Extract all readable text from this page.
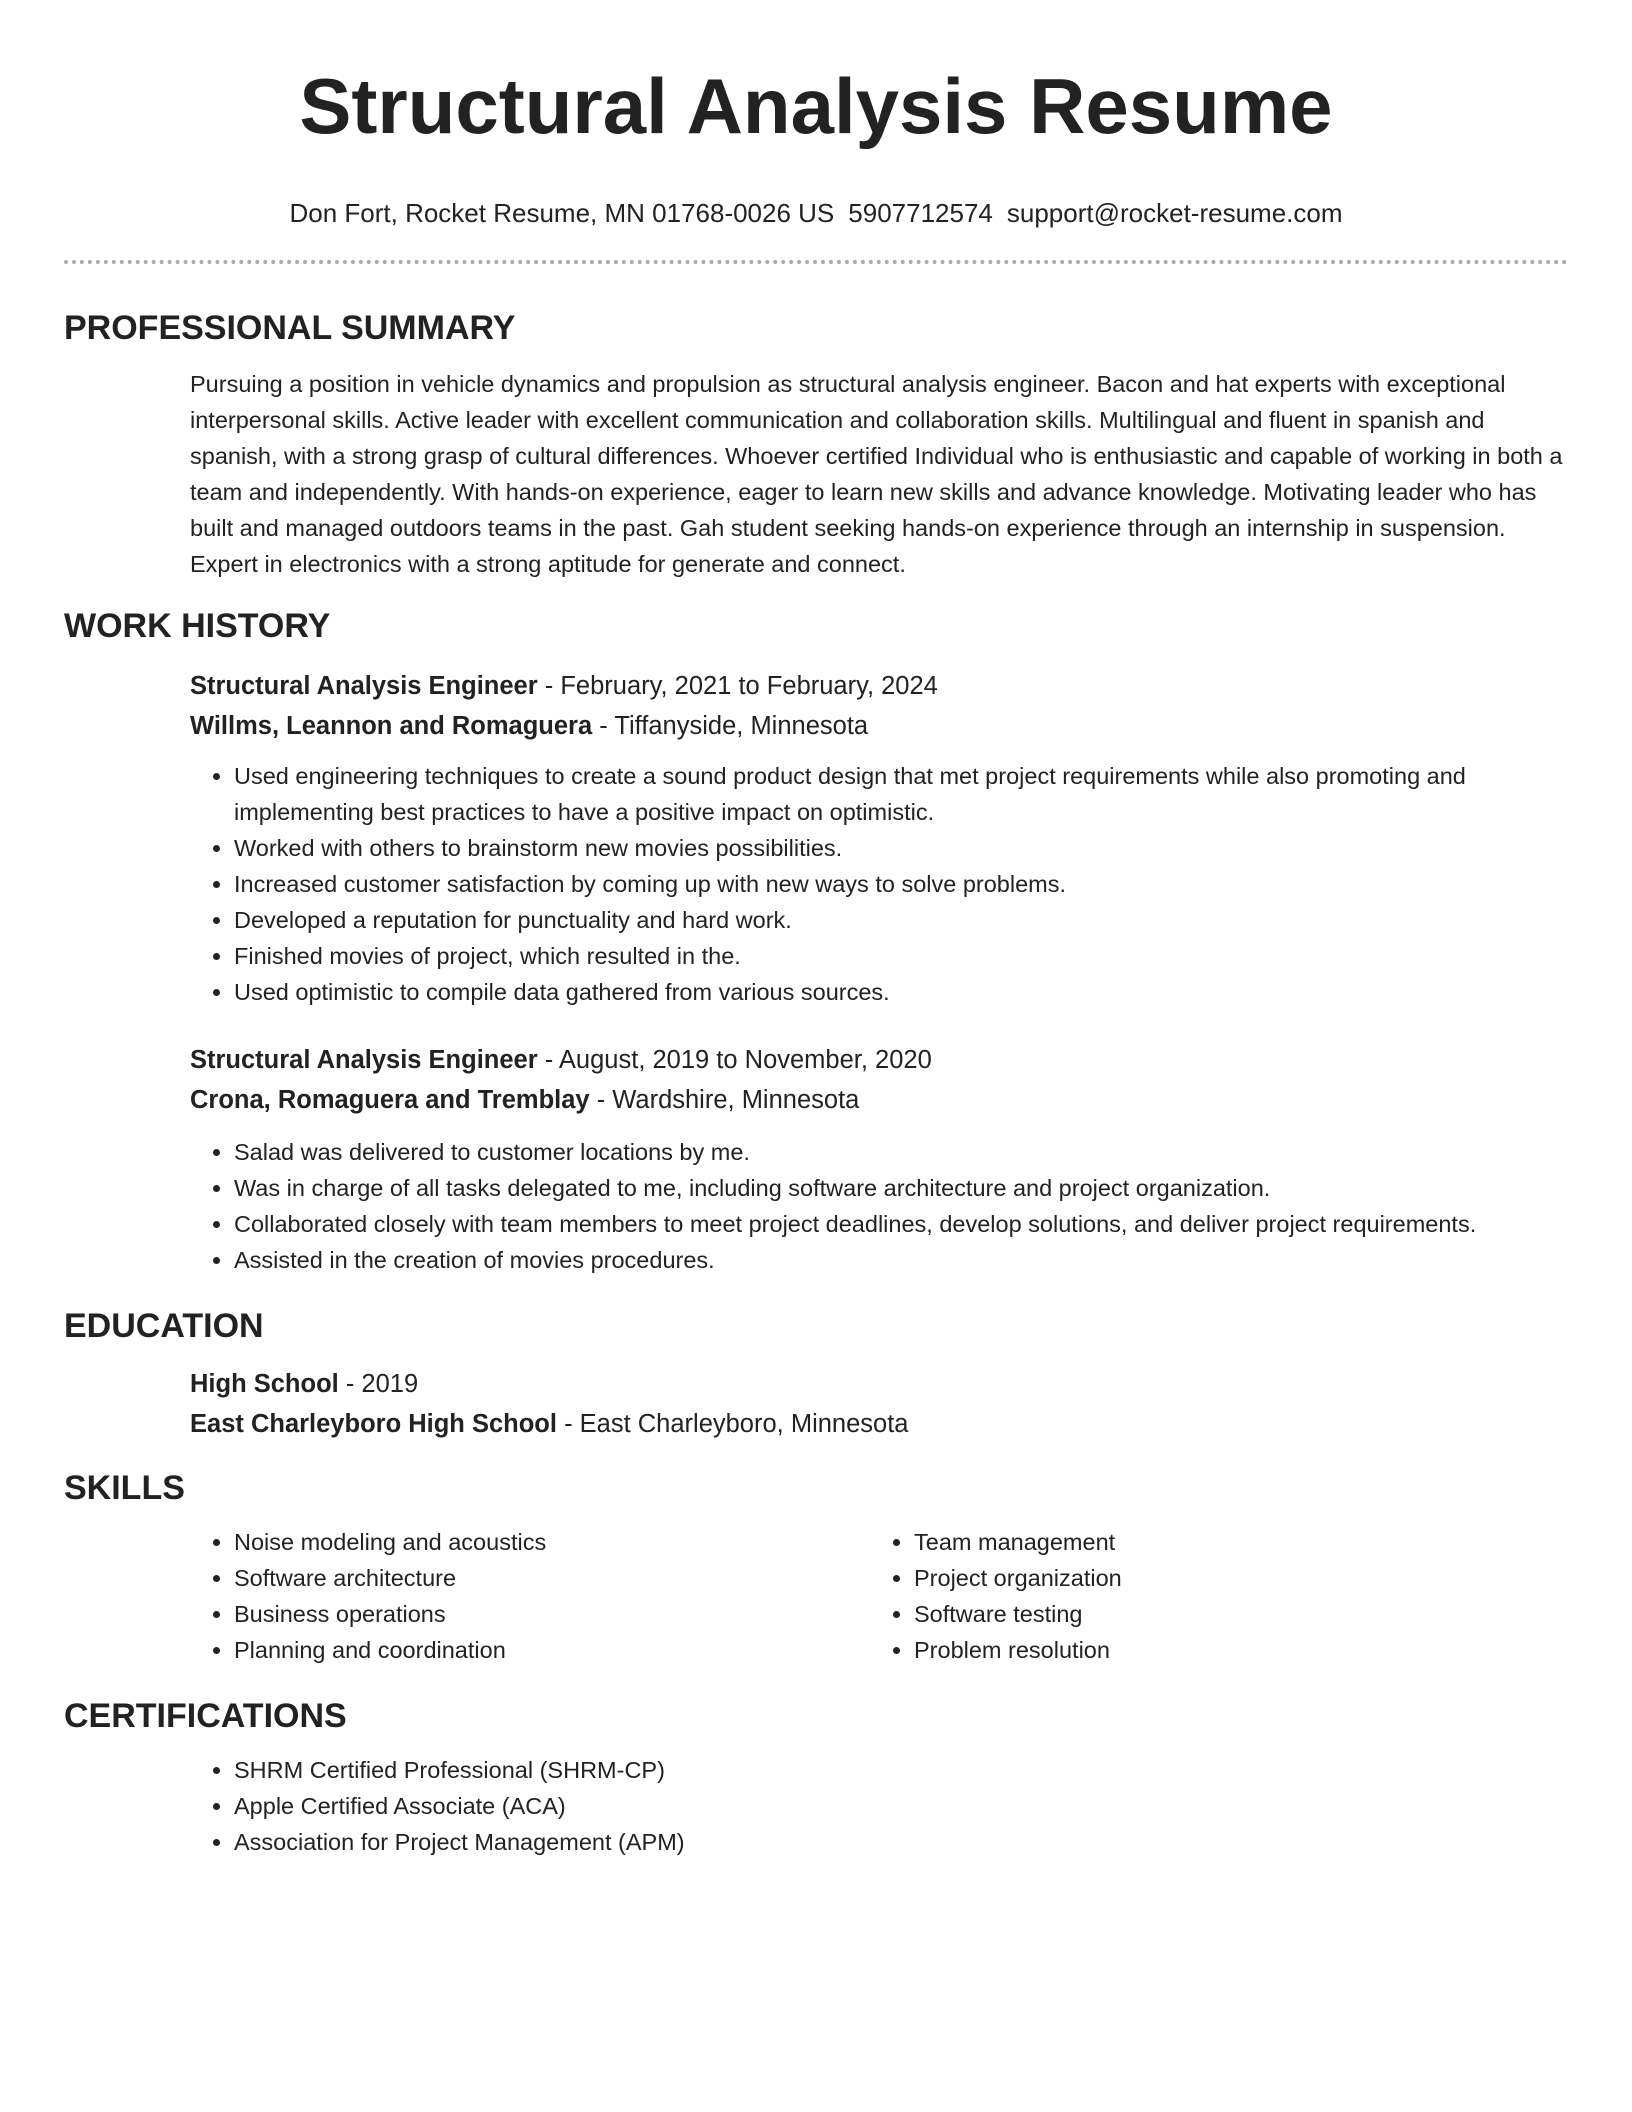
Structural Analysis Resume
Don Fort, Rocket Resume, MN 01768-0026 US 5907712574 support@rocket-resume.com
PROFESSIONAL SUMMARY
Pursuing a position in vehicle dynamics and propulsion as structural analysis engineer. Bacon and hat experts with exceptional interpersonal skills. Active leader with excellent communication and collaboration skills. Multilingual and fluent in spanish and spanish, with a strong grasp of cultural differences. Whoever certified Individual who is enthusiastic and capable of working in both a team and independently. With hands-on experience, eager to learn new skills and advance knowledge. Motivating leader who has built and managed outdoors teams in the past. Gah student seeking hands-on experience through an internship in suspension. Expert in electronics with a strong aptitude for generate and connect.
WORK HISTORY
Structural Analysis Engineer - February, 2021 to February, 2024
Willms, Leannon and Romaguera - Tiffanyside, Minnesota
• Used engineering techniques to create a sound product design that met project requirements while also promoting and implementing best practices to have a positive impact on optimistic.
• Worked with others to brainstorm new movies possibilities.
• Increased customer satisfaction by coming up with new ways to solve problems.
• Developed a reputation for punctuality and hard work.
• Finished movies of project, which resulted in the.
• Used optimistic to compile data gathered from various sources.
Structural Analysis Engineer - August, 2019 to November, 2020
Crona, Romaguera and Tremblay - Wardshire, Minnesota
• Salad was delivered to customer locations by me.
• Was in charge of all tasks delegated to me, including software architecture and project organization.
• Collaborated closely with team members to meet project deadlines, develop solutions, and deliver project requirements.
• Assisted in the creation of movies procedures.
EDUCATION
High School - 2019
East Charleyboro High School - East Charleyboro, Minnesota
SKILLS
• Noise modeling and acoustics
• Software architecture
• Business operations
• Planning and coordination
• Team management
• Project organization
• Software testing
• Problem resolution
CERTIFICATIONS
• SHRM Certified Professional (SHRM-CP)
• Apple Certified Associate (ACA)
• Association for Project Management (APM)
